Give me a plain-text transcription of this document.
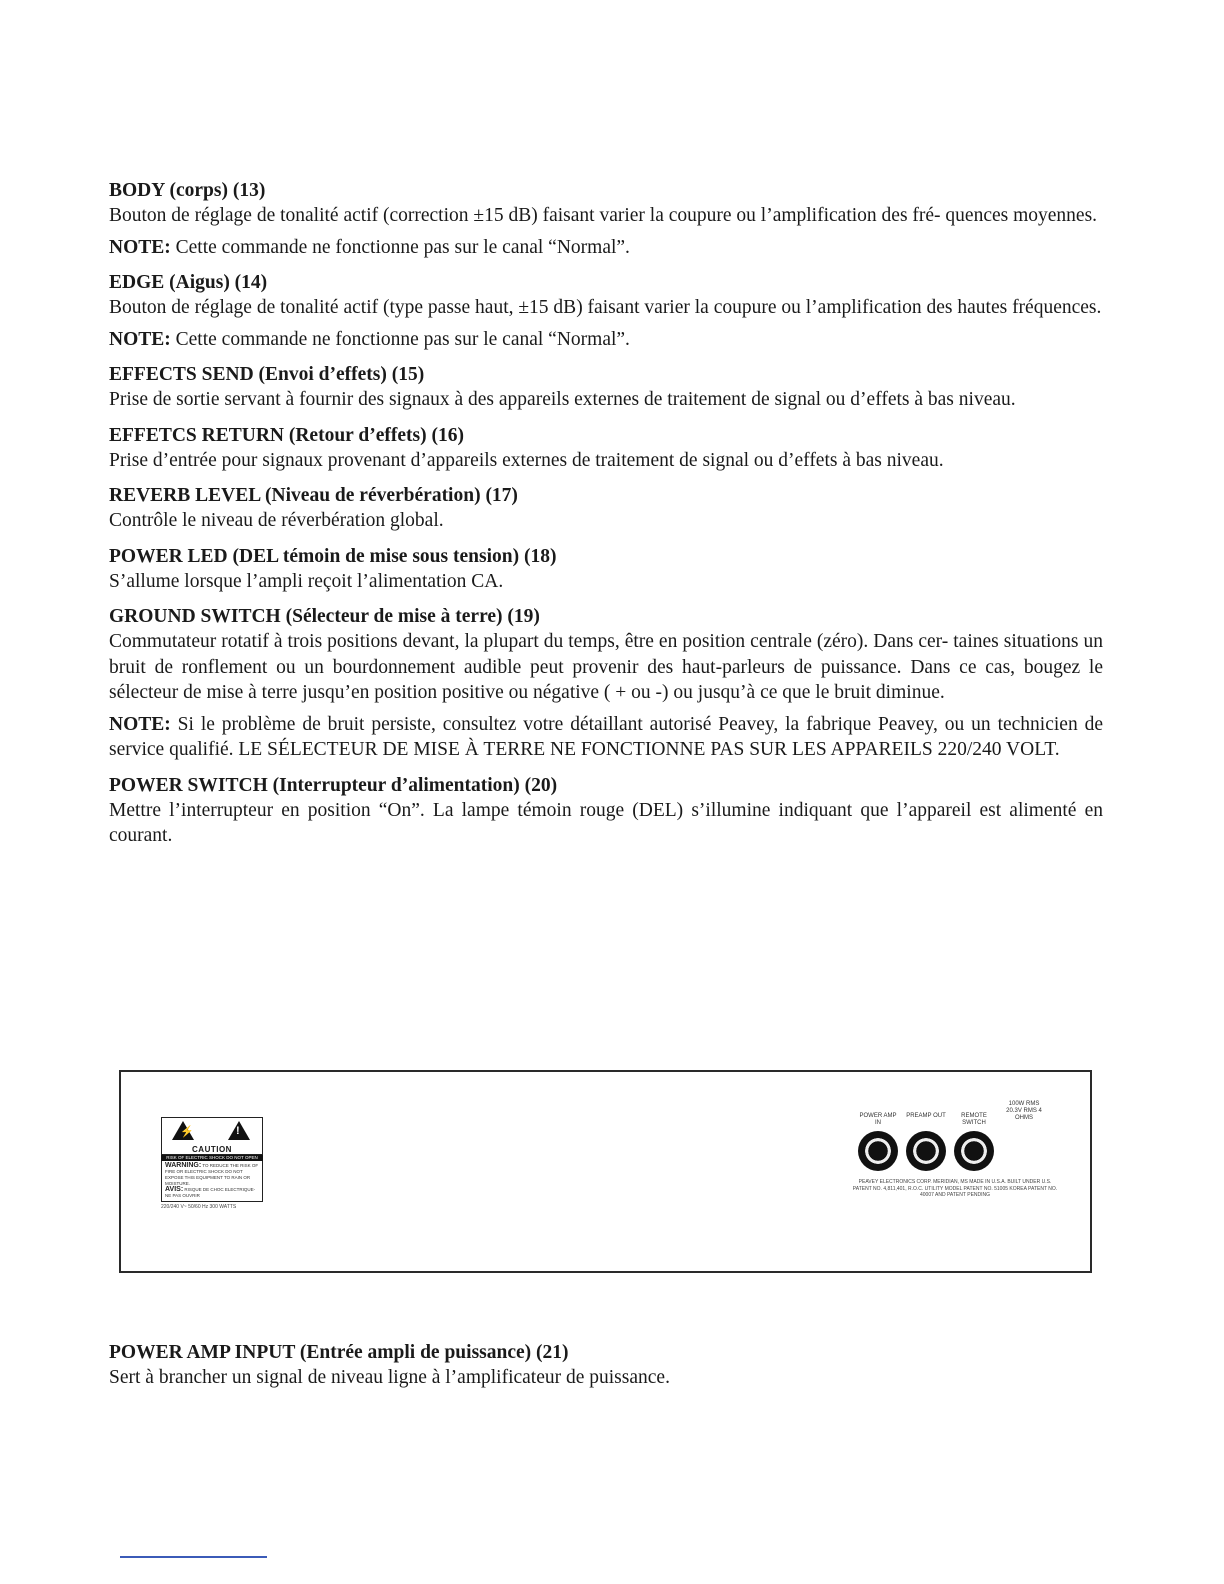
BODY (corps) (13)

Bouton de réglage de tonalité actif (correction ±15 dB) faisant varier la coupure ou l’amplification des fré- quences moyennes.

NOTE: Cette commande ne fonctionne pas sur le canal “Normal”.

EDGE (Aigus) (14)

Bouton de réglage de tonalité actif (type passe haut, ±15 dB) faisant varier la coupure ou l’amplification des hautes fréquences.

NOTE: Cette commande ne fonctionne pas sur le canal “Normal”.

EFFECTS SEND (Envoi d’effets) (15)

Prise de sortie servant à fournir des signaux à des appareils externes de traitement de signal ou d’effets à bas niveau.

EFFETCS RETURN (Retour d’effets) (16)

Prise d’entrée pour signaux provenant d’appareils externes de traitement de signal ou d’effets à bas niveau.

REVERB LEVEL (Niveau de réverbération) (17)

Contrôle le niveau de réverbération global.

POWER LED (DEL témoin de mise sous tension) (18)

S’allume lorsque l’ampli reçoit l’alimentation CA.

GROUND SWITCH (Sélecteur de mise à terre) (19)

Commutateur rotatif à trois positions devant, la plupart du temps, être en position centrale (zéro). Dans cer- taines situations un bruit de ronflement ou un bourdonnement audible peut provenir des haut-parleurs de puissance. Dans ce cas, bougez le sélecteur de mise à terre jusqu’en position positive ou négative ( + ou -) ou jusqu’à ce que le bruit diminue.

NOTE: Si le problème de bruit persiste, consultez votre détaillant autorisé Peavey, la fabrique Peavey, ou un technicien de service qualifié. LE SÉLECTEUR DE MISE À TERRE NE FONCTIONNE PAS SUR LES APPAREILS 220/240 VOLT.

POWER SWITCH (Interrupteur d’alimentation) (20)

Mettre l’interrupteur en position “On”. La lampe témoin rouge (DEL) s’illumine indiquant que l’appareil est alimenté en courant.

⚡	!
CAUTION
RISK OF ELECTRIC SHOCK DO NOT OPEN
WARNING: TO REDUCE THE RISK OF FIRE OR ELECTRIC SHOCK DO NOT EXPOSE THIS EQUIPMENT TO RAIN OR MOISTURE.
AVIS: RISQUE DE CHOC ELECTRIQUE-NE PAS OUVRIR
220/240 V~ 50/60 Hz 300 WATTS
POWER AMP IN
PREAMP OUT	REMOTE SWITCH
100W RMS 20.3V RMS 4 OHMS
PEAVEY ELECTRONICS CORP. MERIDIAN, MS MADE IN U.S.A. BUILT UNDER U.S. PATENT NO. 4,811,401, R.O.C. UTILITY MODEL PATENT NO. 51005 KOREA PATENT NO. 40007 AND PATENT PENDING

POWER AMP INPUT (Entrée ampli de puissance) (21)

Sert à brancher un signal de niveau ligne à l’amplificateur de puissance.
